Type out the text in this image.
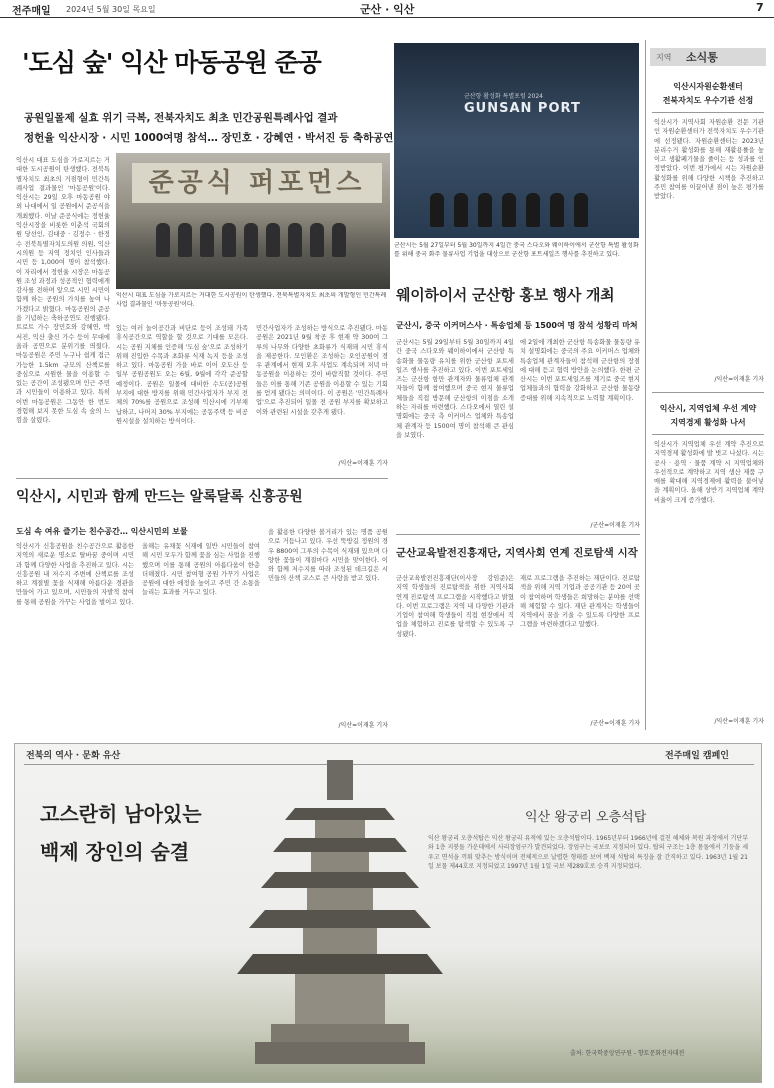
전주매일 2024년 5월 30일 목요일	군산 · 익산	7
'도심 숲' 익산 마동공원 준공
공원일몰제 실효 위기 극복, 전북자치도 최초 민간공원특례사업 결과
정헌율 익산시장 · 시민 1000여명 참석… 장민호 · 강혜연 · 박서진 등 축하공연
준공식 퍼포먼스
익산시 대표 도심을 가로지르는 거대한 도시공원이 탄생했다. 전북특별자치도 최초의 개발형인 민간특례사업 결과물인 '마동공원'이다.
익산시 대표 도심을 가로지르는 거대한 도시공원이 탄생했다. 전북특별자치도 최초의 거점형이 민간특례사업 결과물인 '마동공원'이다. 익산시는 29일 오후 마동공원 야외 나대에서 일 공원에서 준공식을 개최했다. 이날 준공식에는 정헌율 익산시장을 비롯한 이춘석 국회의원 당선인, 김대중 · 김정수 · 한정수 전북특별자치도의원 의원, 익산시의원 등 지역 정치인 인사들과 시민 등 1,000여 명이 참석했다. 이 자리에서 정헌율 시장은 마동공원 조성 과정과 성공적인 협력에게 감사를 전하며 앞으로 시민 시민이 함께 하는 공원의 가치를 높여 나가겠다고 밝혔다. 마동공원의 준공을 기념하는 축하공연도 진행됐다. 트로트 가수 장민호와 강혜연, 박서진, 익산 출신 가수 등이 무대에 올라 공연으로 분위기를 띄웠다. 마동공원은 주민 누구나 쉽게 접근 가능한 1.5km 규모의 산책로를 중심으로 시원한 물을 이용할 수 있는 공간이 조성됐으며 인근 주민과 시민들이 이용하고 있다. 특히 이번 마동공원은 그동안 한 번도 경험해 보지 못한 도심 속 숲의 느낌을 살렸다.
있는 여러 놀이공간과 비단로 등이 조성돼 가족 휴식공간으로 역할을 할 것으로 기대를 모은다. 시는 공원 지체를 인증해 '도심 숲'으로 조성하기 위해 진입한 수목과 초화류 식재 녹지 등을 조성하고 있다. 마동공원 가을 바로 이어 오도산 등 일부 공원공원도 오는 6월, 9월에 각각 준공할 예정이다. 공원은 일몰에 대비한 수도(공)공원 부지에 대한 방지를 위해 민간사업자가 부지 전체의 70%를 공원으로 조성해 익산시에 기부채납하고, 나머지 30% 부지에는 공동주택 등 비공원시설을 설치하는 방식이다.
민간사업자가 조성하는 방식으로 추진됐다. 마동공원은 2021년 9월 착공 후 현재 약 300여 그루의 나무와 다양한 초화류가 식재돼 시민 휴식을 제공한다. 모인환은 조성하는 오인공원이 경우 관계에서 현재 오후 사업도 계속되며 저녁 마동공원을 이용하는 것이 바람직할 것이다. 주민들은 이를 통해 기존 공원을 이용할 수 있는 기회를 얻게 됐다는 의미이다. 이 공원은 '민간특례사업'으로 추진되어 일몰 전 공원 부지를 확보하고 이와 관련된 시설을 갖추게 됐다.
/익산=이재훈 기자
군산항 활성화 특별포럼 2024
GUNSAN PORT
군산시는 5월 27일부터 5월 30일까지 4일간 중국 스다오와 웨이하이에서 군산항 특별 활성화를 위해 중국 화주 물류사업 기업을 대상으로 군산항 포트세일즈 행사를 추진하고 있다.
웨이하이서 군산항 홍보 행사 개최
군산시, 중국 이커머스사 · 특송업체 등 1500여 명 참석 성황리 마쳐
군산시는 5월 29일부터 5월 30일까지 4일간 중국 스다오와 웨이하이에서 군산항 특송화물 물동량 유치를 위한 군산항 포트세일즈 행사를 추진하고 있다. 이번 포트세일즈는 군산항 항만 관계자와 물류업체 관계자들이 함께 참여했으며 중국 현지 물류업체들을 직접 방문해 군산항의 이점을 소개하는 자리를 마련했다. 스다오에서 열린 설명회에는 중국 측 이커머스 업체와 특송업체 관계자 등 1500여 명이 참석해 큰 관심을 보였다.
에 2일에 개최한 군산항 특송화물 물동량 유치 설명회에는 중국의 주요 이커머스 업체와 특송업체 관계자들이 참석해 군산항의 장점에 대해 듣고 협력 방안을 논의했다. 한편 군산시는 이번 포트세일즈를 계기로 중국 현지 업체들과의 협력을 강화하고 군산항 물동량 증대를 위해 지속적으로 노력할 계획이다.
/군산=이재훈 기자
익산시, 시민과 함께 만드는 알록달록 신흥공원
도심 속 여유 즐기는 친수공간… 익산시민의 보물
익산시가 신흥공원을 친수공간으로 활용한 지역의 새로운 명소로 탈바꿈 중이며 시민과 함께 다양한 사업을 추진하고 있다. 시는 신흥공원 내 저수지 주변에 산책로를 조성하고 계절별 꽃을 식재해 아름다운 경관을 만들어 가고 있으며, 시민들의 자발적 참여를 통해 공원을 가꾸는 사업을 벌이고 있다.
올해는 유채꽃 식재에 일반 시민들이 참여해 시민 모두가 함께 꽃을 심는 사업을 진행했으며 이를 통해 공원의 아름다움이 한층 더해졌다. 시민 참여형 공원 가꾸기 사업은 공원에 대한 애정을 높이고 주민 간 소통을 늘리는 효과를 거두고 있다.
을 활용한 다양한 볼거리가 있는 명품 공원으로 거듭나고 있다. 우선 뚝방길 정원의 경우 8800여 그루의 수목이 식재돼 있으며 다양한 꽃들이 계절마다 시민을 맞이한다. 이와 함께 저수지를 따라 조성된 데크길은 시민들의 산책 코스로 큰 사랑을 받고 있다.
/익산=이재훈 기자
군산교육발전진흥재단, 지역사회 연계 진로탐색 시작
군산교육발전진흥재단(이사장 강임준)은 지역 학생들의 진로탐색을 위한 지역사회 연계 진로탐색 프로그램을 시작했다고 밝혔다. 이번 프로그램은 지역 내 다양한 기관과 기업이 참여해 학생들이 직접 현장에서 직업을 체험하고 진로를 탐색할 수 있도록 구성됐다.
재로 프로그램을 추진하는 재단이다. 진로탐색을 위해 지역 기업과 공공기관 등 20여 곳이 참여하며 학생들은 희망하는 분야를 선택해 체험할 수 있다. 재단 관계자는 학생들이 지역에서 꿈을 키울 수 있도록 다양한 프로그램을 마련하겠다고 말했다.
/군산=이재훈 기자
지역 소식통
익산시자원순환센터
전북자치도 우수기관 선정
익산시가 지역사회 자원순환 전문 기관인 자원순환센터가 전북자치도 우수기관에 선정됐다. 자원순환센터는 2023년 분리수거 활성화를 통해 재활용률을 높이고 생활폐기물을 줄이는 등 성과를 인정받았다. 이번 평가에서 시는 자원순환 활성화를 위해 다양한 시책을 추진하고 주민 참여를 이끌어낸 점이 높은 평가를 받았다.
/익산=이재훈 기자
익산시, 지역업체 우선 계약
지역경제 활성화 나서
익산시가 지역업체 우선 계약 추진으로 지역경제 활성화에 발 벗고 나섰다. 시는 공사 · 용역 · 물품 계약 시 지역업체와 우선적으로 계약하고 지역 생산 제품 구매를 확대해 지역경제에 활력을 불어넣을 계획이다. 올해 상반기 지역업체 계약 비율이 크게 증가했다.
/익산=이재훈 기자
전북의 역사 · 문화 유산	전주매일 캠페인
고스란히 남아있는
백제 장인의 숨결
익산 왕궁리 오층석탑
익산 왕궁리 오층석탑은 익산 왕궁리 유적에 있는 오층석탑이다. 1965년부터 1966년에 걸친 해체와 복원 과정에서 기단부와 1층 지붕돌 가운데에서 사리장엄구가 발견되었다. 장엄구는 국보로 지정되어 있다. 탑의 구조는 1층 몸돌에서 기둥을 세우고 면석을 끼워 맞추는 방식이며 전체적으로 날렵한 형태를 보여 백제 석탑의 특징을 잘 간직하고 있다. 1963년 1월 21일 보물 제44호로 지정되었고 1997년 1월 1일 국보 제289호로 승격 지정되었다.
출처: 한국학중앙연구원 - 향토문화전자대전
